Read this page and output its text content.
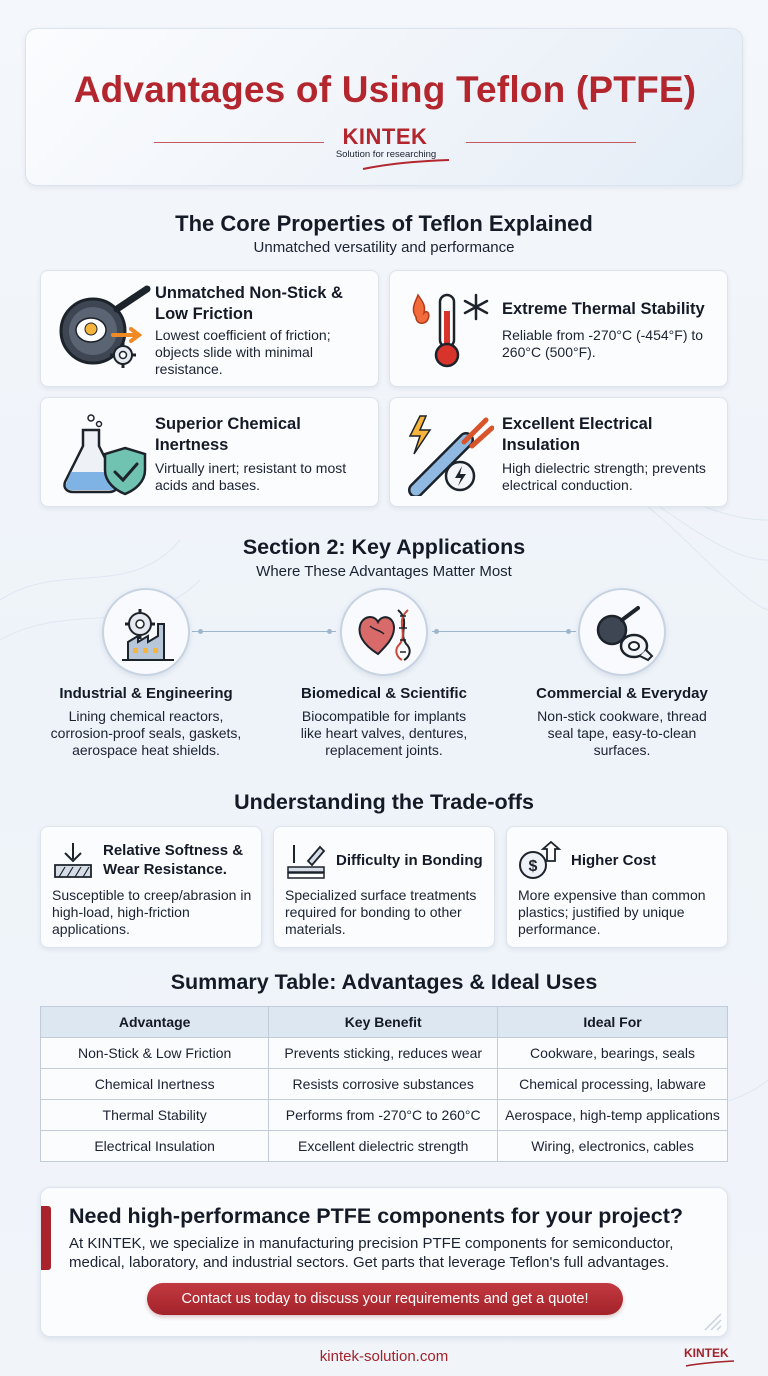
Advantages of Using Teflon (PTFE)
KINTEK
Solution for researching
The Core Properties of Teflon Explained
Unmatched versatility and performance
Unmatched Non-Stick & Low Friction
Lowest coefficient of friction; objects slide with minimal resistance.
Extreme Thermal Stability
Reliable from -270°C (-454°F) to 260°C (500°F).
Superior Chemical Inertness
Virtually inert; resistant to most acids and bases.
Excellent Electrical Insulation
High dielectric strength; prevents electrical conduction.
Section 2: Key Applications
Where These Advantages Matter Most
Industrial & Engineering
Lining chemical reactors, corrosion-proof seals, gaskets, aerospace heat shields.
Biomedical & Scientific
Biocompatible for implants like heart valves, dentures, replacement joints.
Commercial & Everyday
Non-stick cookware, thread seal tape, easy-to-clean surfaces.
Understanding the Trade-offs
Relative Softness & Wear Resistance.
Susceptible to creep/abrasion in high-load, high-friction applications.
Difficulty in Bonding
Specialized surface treatments required for bonding to other materials.
$ Higher Cost
More expensive than common plastics; justified by unique performance.
Summary Table: Advantages & Ideal Uses
Advantage	Key Benefit	Ideal For
Non-Stick & Low Friction	Prevents sticking, reduces wear	Cookware, bearings, seals
Chemical Inertness	Resists corrosive substances	Chemical processing, labware
Thermal Stability	Performs from -270°C to 260°C	Aerospace, high-temp applications
Electrical Insulation	Excellent dielectric strength	Wiring, electronics, cables
Need high-performance PTFE components for your project?
At KINTEK, we specialize in manufacturing precision PTFE components for semiconductor, medical, laboratory, and industrial sectors. Get parts that leverage Teflon's full advantages.
Contact us today to discuss your requirements and get a quote!
kintek-solution.com	KINTEK
